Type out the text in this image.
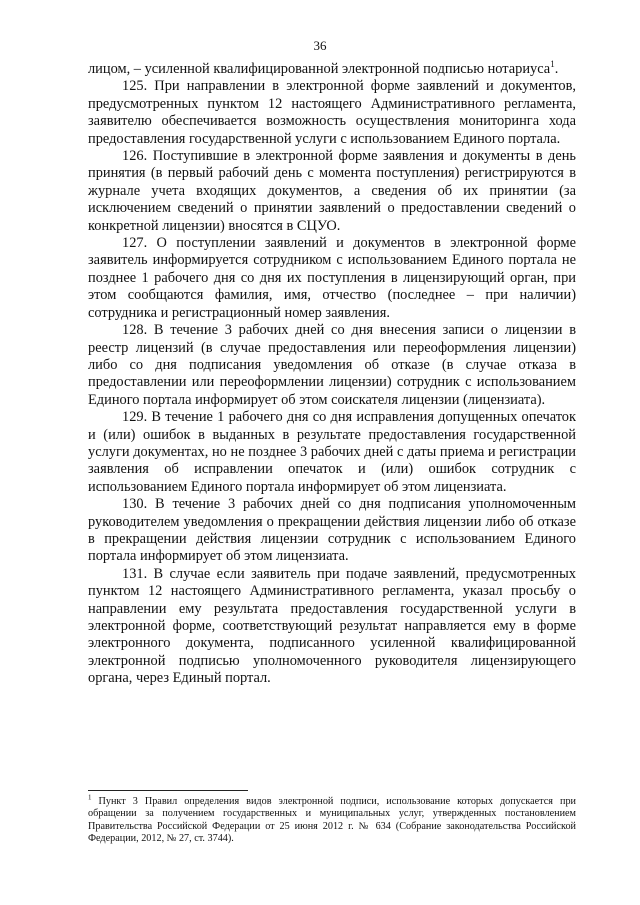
36

лицом, – усиленной квалифицированной электронной подписью нотариуса$^1$.

125. При направлении в электронной форме заявлений и документов, предусмотренных пунктом 12 настоящего Административного регламента, заявителю обеспечивается возможность осуществления мониторинга хода предоставления государственной услуги с использованием Единого портала.

126. Поступившие в электронной форме заявления и документы в день принятия (в первый рабочий день с момента поступления) регистрируются в журнале учета входящих документов, а сведения об их принятии (за исключением сведений о принятии заявлений о предоставлении сведений о конкретной лицензии) вносятся в СЦУО.

127. О поступлении заявлений и документов в электронной форме заявитель информируется сотрудником с использованием Единого портала не позднее 1 рабочего дня со дня их поступления в лицензирующий орган, при этом сообщаются фамилия, имя, отчество (последнее – при наличии) сотрудника и регистрационный номер заявления.

128. В течение 3 рабочих дней со дня внесения записи о лицензии в реестр лицензий (в случае предоставления или переоформления лицензии) либо со дня подписания уведомления об отказе (в случае отказа в предоставлении или переоформлении лицензии) сотрудник с использованием Единого портала информирует об этом соискателя лицензии (лицензиата).

129. В течение 1 рабочего дня со дня исправления допущенных опечаток и (или) ошибок в выданных в результате предоставления государственной услуги документах, но не позднее 3 рабочих дней с даты приема и регистрации заявления об исправлении опечаток и (или) ошибок сотрудник с использованием Единого портала информирует об этом лицензиата.

130. В течение 3 рабочих дней со дня подписания уполномоченным руководителем уведомления о прекращении действия лицензии либо об отказе в прекращении действия лицензии сотрудник с использованием Единого портала информирует об этом лицензиата.

131. В случае если заявитель при подаче заявлений, предусмотренных пунктом 12 настоящего Административного регламента, указал просьбу о направлении ему результата предоставления государственной услуги в электронной форме, соответствующий результат направляется ему в форме электронного документа, подписанного усиленной квалифицированной электронной подписью уполномоченного руководителя лицензирующего органа, через Единый портал.

$^1$ Пункт 3 Правил определения видов электронной подписи, использование которых допускается при обращении за получением государственных и муниципальных услуг, утвержденных постановлением Правительства Российской Федерации от 25 июня 2012 г. № 634 (Собрание законодательства Российской Федерации, 2012, № 27, ст. 3744).
